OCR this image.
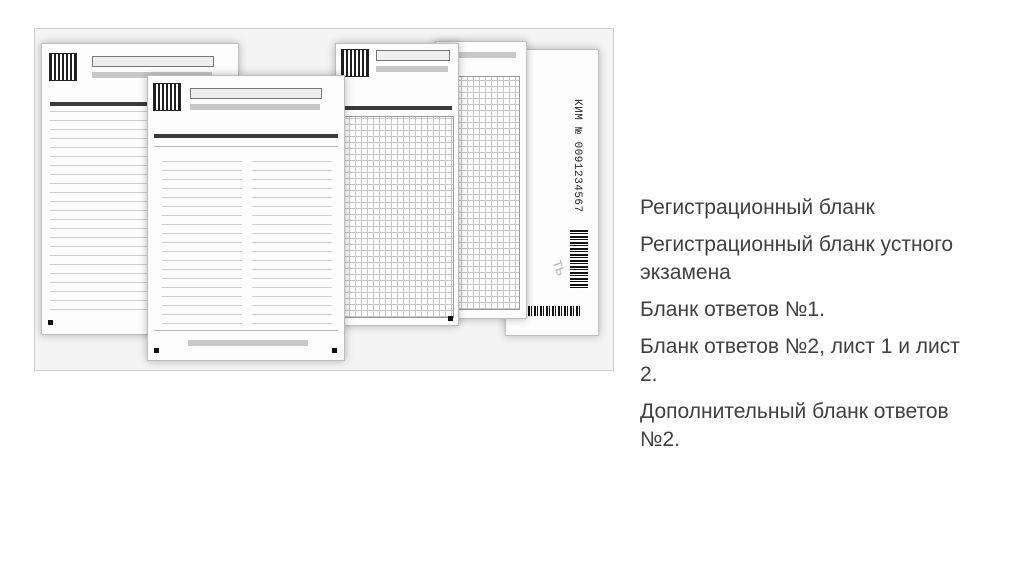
КИМ № 0091234567
ть

Регистрационный бланк

Регистрационный бланк устного экзамена

Бланк ответов №1.

Бланк ответов №2, лист 1 и лист 2.

Дополнительный бланк ответов №2.
